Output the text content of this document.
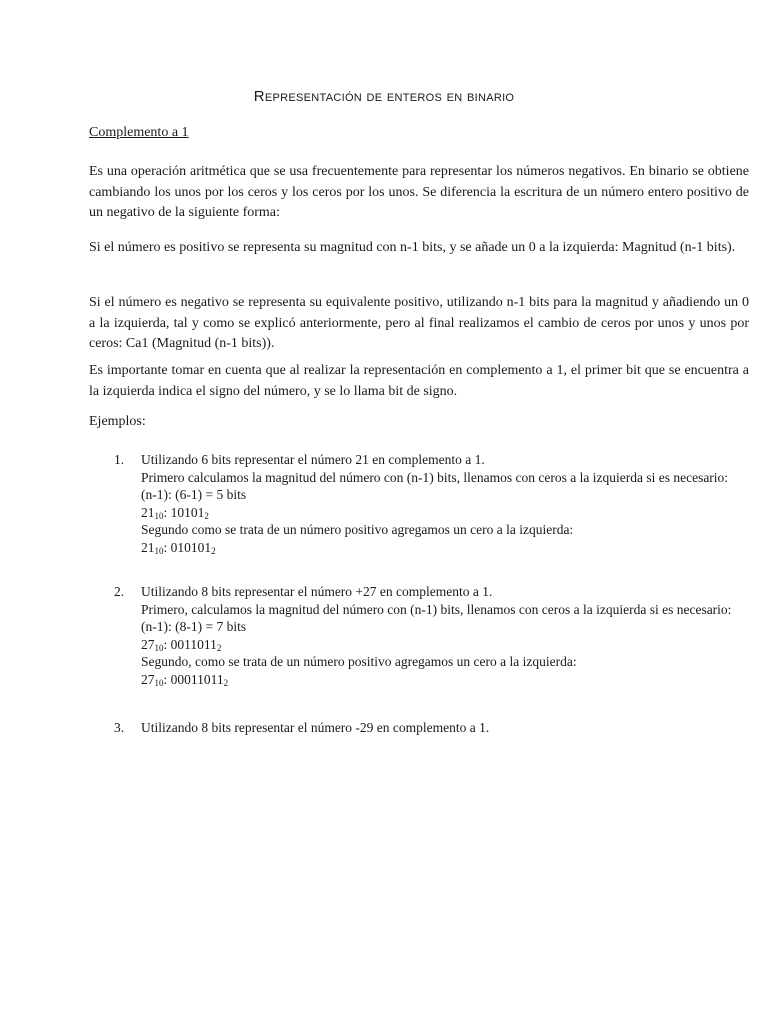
Representación de enteros en binario
Complemento a 1
Es una operación aritmética que se usa frecuentemente para representar los números negativos. En binario se obtiene cambiando los unos por los ceros y los ceros por los unos. Se diferencia la escritura de un número entero positivo de un negativo de la siguiente forma:
Si el número es positivo se representa su magnitud con n-1 bits, y se añade un 0 a la izquierda: Magnitud (n-1 bits).
Si el número es negativo se representa su equivalente positivo, utilizando n-1 bits para la magnitud y añadiendo un 0 a la izquierda, tal y como se explicó anteriormente, pero al final realizamos el cambio de ceros por unos y unos por ceros: Ca1 (Magnitud (n-1 bits)).
Es importante tomar en cuenta que al realizar la representación en complemento a 1, el primer bit que se encuentra a la izquierda indica el signo del número, y se lo llama bit de signo.
Ejemplos:
1.	Utilizando 6 bits representar el número 21 en complemento a 1.
Primero calculamos la magnitud del número con (n-1) bits, llenamos con ceros a la izquierda si es necesario:
(n-1): (6-1) = 5 bits
$21_{10}$: $10101_2$
Segundo como se trata de un número positivo agregamos un cero a la izquierda:
$21_{10}$: $010101_2$
2.	Utilizando 8 bits representar el número +27 en complemento a 1.
Primero, calculamos la magnitud del número con (n-1) bits, llenamos con ceros a la izquierda si es necesario:
(n-1): (8-1) = 7 bits
$27_{10}$: $0011011_2$
Segundo, como se trata de un número positivo agregamos un cero a la izquierda:
$27_{10}$: $00011011_2$
3.	Utilizando 8 bits representar el número -29 en complemento a 1.
